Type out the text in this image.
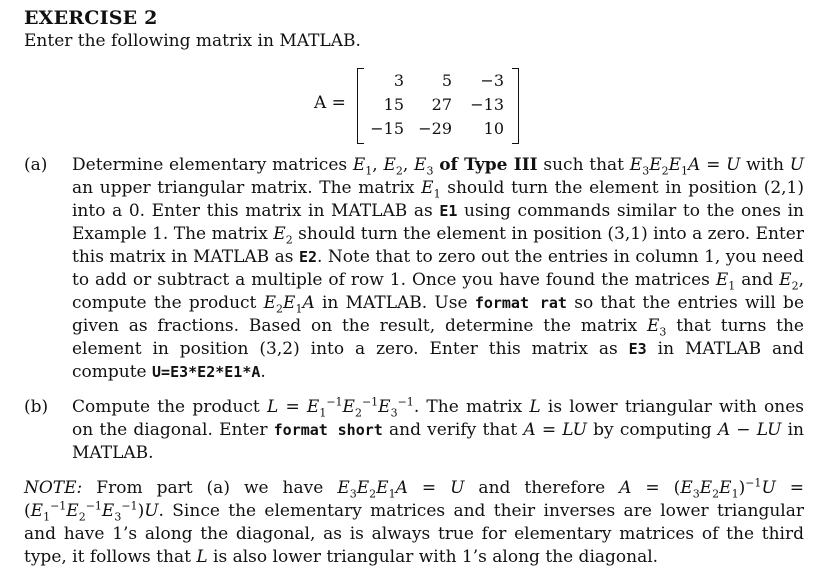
EXERCISE 2

Enter the following matrix in MATLAB.

A =
3	5	−3
15	27	−13
−15 −29	10

(a) Determine elementary matrices $E_1$, $E_2$, $E_3$ of Type III such that $E_3E_2E_1A = U$ with U an upper triangular matrix. The matrix $E_1$ should turn the element in position (2,1) into a 0. Enter this matrix in MATLAB as E1 using commands similar to the ones in Example 1. The matrix $E_2$ should turn the element in position (3,1) into a zero. Enter this matrix in MATLAB as E2. Note that to zero out the entries in column 1, you need to add or subtract a multiple of row 1. Once you have found the matrices $E_1$ and $E_2$, compute the product $E_2E_1A$ in MATLAB. Use format rat so that the entries will be given as fractions. Based on the result, determine the matrix $E_3$ that turns the element in position (3,2) into a zero. Enter this matrix as E3 in MATLAB and compute U=E3*E2*E1*A.

(b) Compute the product $L = E_1^{-1}E_2^{-1}E_3^{-1}$. The matrix L is lower triangular with ones on the diagonal. Enter format short and verify that A = LU by computing A − LU in MATLAB.

NOTE: From part (a) we have $E_3E_2E_1A = U$ and therefore $A = (E_3E_2E_1)^{-1}U = (E_1^{-1}E_2^{-1}E_3^{-1})U$. Since the elementary matrices and their inverses are lower triangular and have 1’s along the diagonal, as is always true for elementary matrices of the third type, it follows that L is also lower triangular with 1’s along the diagonal.
